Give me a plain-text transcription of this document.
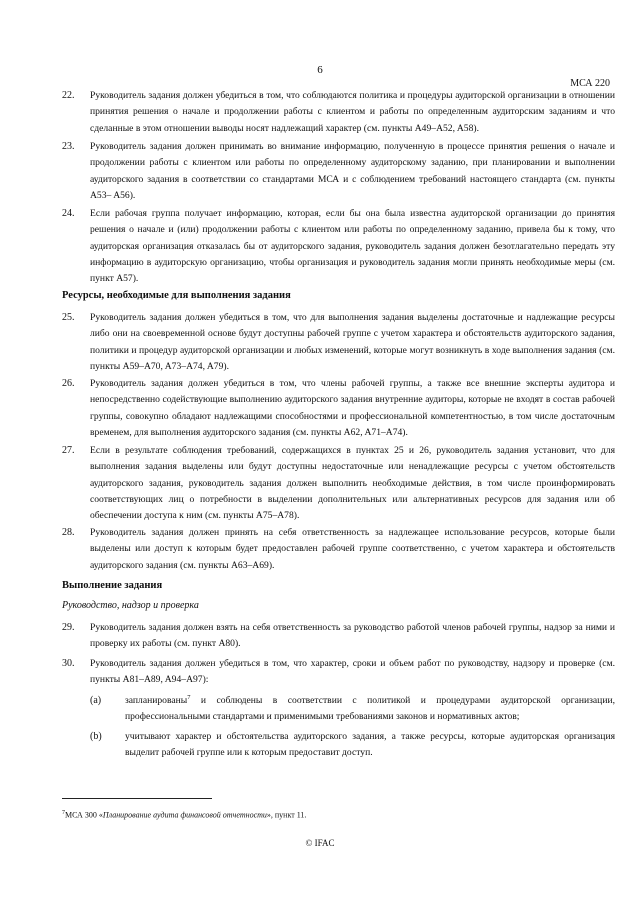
6
МСА 220
22. Руководитель задания должен убедиться в том, что соблюдаются политика и процедуры аудиторской организации в отношении принятия решения о начале и продолжении работы с клиентом и работы по определенным аудиторским заданиям и что сделанные в этом отношении выводы носят надлежащий характер (см. пункты A49–A52, A58).
23. Руководитель задания должен принимать во внимание информацию, полученную в процессе принятия решения о начале и продолжении работы с клиентом или работы по определенному аудиторскому заданию, при планировании и выполнении аудиторского задания в соответствии со стандартами МСА и с соблюдением требований настоящего стандарта (см. пункты A53– A56).
24. Если рабочая группа получает информацию, которая, если бы она была известна аудиторской организации до принятия решения о начале и (или) продолжении работы с клиентом или работы по определенному заданию, привела бы к тому, что аудиторская организация отказалась бы от аудиторского задания, руководитель задания должен безотлагательно передать эту информацию в аудиторскую организацию, чтобы организация и руководитель задания могли принять необходимые меры (см. пункт A57).
Ресурсы, необходимые для выполнения задания
25. Руководитель задания должен убедиться в том, что для выполнения задания выделены достаточные и надлежащие ресурсы либо они на своевременной основе будут доступны рабочей группе с учетом характера и обстоятельств аудиторского задания, политики и процедур аудиторской организации и любых изменений, которые могут возникнуть в ходе выполнения задания (см. пункты A59–A70, A73–A74, A79).
26. Руководитель задания должен убедиться в том, что члены рабочей группы, а также все внешние эксперты аудитора и непосредственно содействующие выполнению аудиторского задания внутренние аудиторы, которые не входят в состав рабочей группы, совокупно обладают надлежащими способностями и профессиональной компетентностью, в том числе достаточным временем, для выполнения аудиторского задания (см. пункты A62, A71–A74).
27. Если в результате соблюдения требований, содержащихся в пунктах 25 и 26, руководитель задания установит, что для выполнения задания выделены или будут доступны недостаточные или ненадлежащие ресурсы с учетом обстоятельств аудиторского задания, руководитель задания должен выполнить необходимые действия, в том числе проинформировать соответствующих лиц о потребности в выделении дополнительных или альтернативных ресурсов для задания или об обеспечении доступа к ним (см. пункты A75–A78).
28. Руководитель задания должен принять на себя ответственность за надлежащее использование ресурсов, которые были выделены или доступ к которым будет предоставлен рабочей группе соответственно, с учетом характера и обстоятельств аудиторского задания (см. пункты A63–A69).
Выполнение задания
Руководство, надзор и проверка
29. Руководитель задания должен взять на себя ответственность за руководство работой членов рабочей группы, надзор за ними и проверку их работы (см. пункт A80).
30. Руководитель задания должен убедиться в том, что характер, сроки и объем работ по руководству, надзору и проверке (см. пункты A81–A89, A94–A97):
(a) запланированы$^7$ и соблюдены в соответствии с политикой и процедурами аудиторской организации, профессиональными стандартами и применимыми требованиями законов и нормативных актов;
(b) учитывают характер и обстоятельства аудиторского задания, а также ресурсы, которые аудиторская организация выделит рабочей группе или к которым предоставит доступ.
$^7$МСА 300 «Планирование аудита финансовой отчетности», пункт 11.
© IFAC
